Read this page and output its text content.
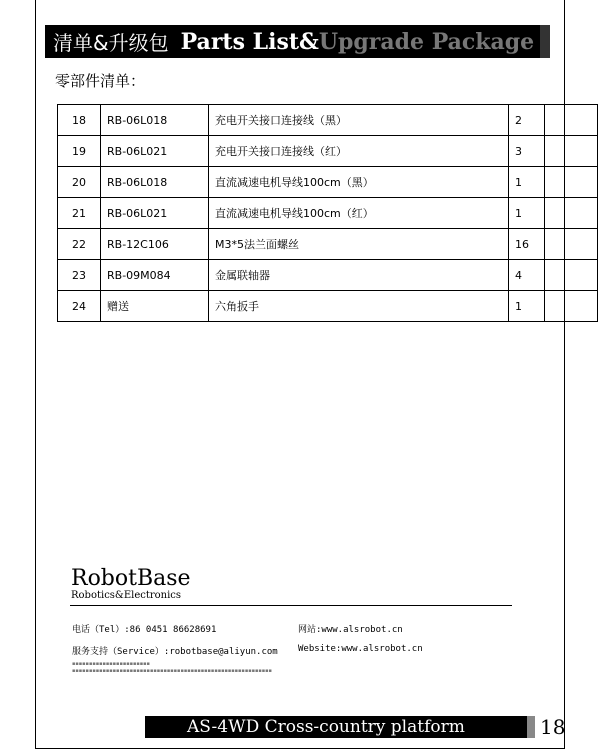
清单&升级包 Parts List& Upgrade Package
零部件清单：
18	RB-06L018	充电开关接口连接线（黑）	2	
19	RB-06L021	充电开关接口连接线（红）	3	
20	RB-06L018	直流减速电机导线100cm（黑）	1	
21	RB-06L021	直流减速电机导线100cm（红）	1	
22	RB-12C106	M3*5法兰面螺丝	16	
23	RB-09M084	金属联轴器	4	
24	赠送	六角扳手	1	
RobotBase
Robotics&Electronics
电话（Tel）:86 0451 86628691	网站:www.alsrobot.cn
服务支持（Service）:robotbase@aliyun.com Website:www.alsrobot.cn
▪▪▪▪▪▪▪▪▪▪▪▪▪▪▪▪▪▪▪▪▪▪▪
▪▪▪▪▪▪▪▪▪▪▪▪▪▪▪▪▪▪▪▪▪▪▪▪▪▪▪▪▪▪▪▪▪▪▪▪▪▪▪▪▪▪▪▪▪▪▪▪▪▪▪▪▪▪▪▪▪▪▪
AS-4WD Cross-country platform	18
